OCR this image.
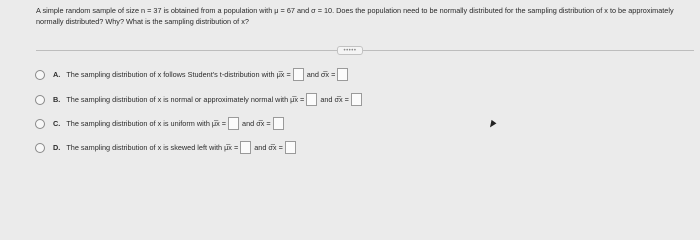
A simple random sample of size n = 37 is obtained from a population with μ = 67 and σ = 10. Does the population need to be normally distributed for the sampling distribution of x to be approximately normally distributed? Why? What is the sampling distribution of x?
•••••
A. The sampling distribution of x follows Student's t-distribution with μ̅x = and σ̅x =
B. The sampling distribution of x is normal or approximately normal with μ̅x = and σ̅x =
C. The sampling distribution of x is uniform with μ̅x = and σ̅x =
D. The sampling distribution of x is skewed left with μ̅x = and σ̅x =
